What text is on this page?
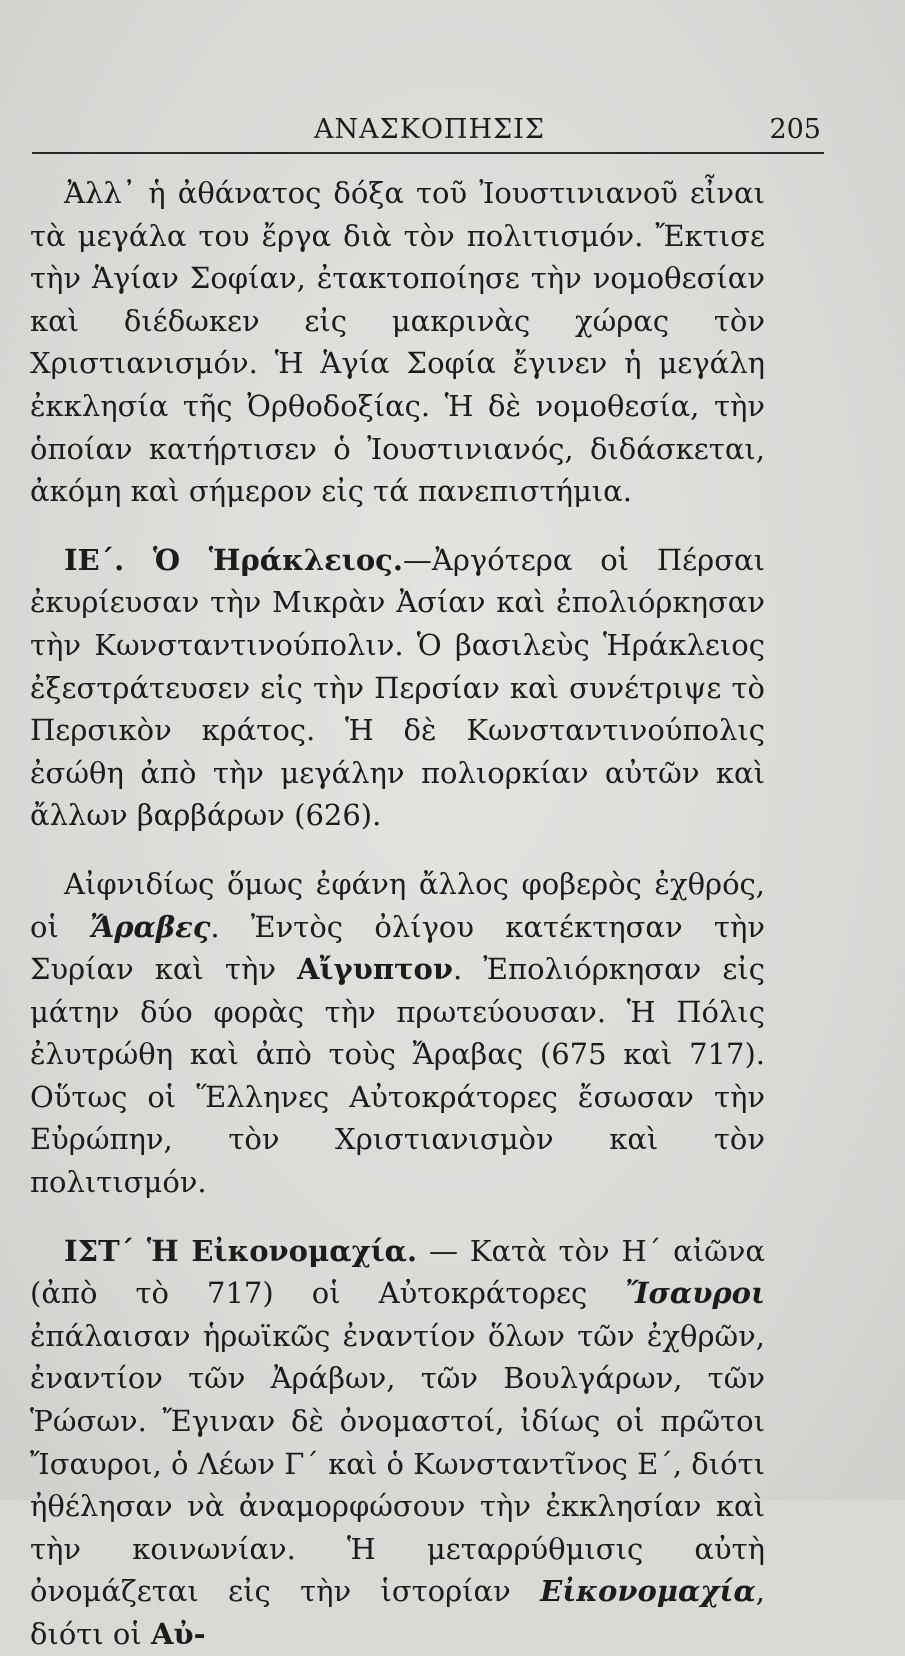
ΑΝΑΣΚΟΠΗΣΙΣ	205

Ἀλλ᾽ ἡ ἀθάνατος δόξα τοῦ Ἰουστινιανοῦ εἶναι τὰ μεγάλα του ἔργα διὰ τὸν πολιτισμόν. Ἔκτισε τὴν Ἁγίαν Σοφίαν, ἐτακτοποίησε τὴν νομοθεσίαν καὶ διέδωκεν εἰς μακρινὰς χώρας τὸν Χριστιανισμόν. Ἡ Ἁγία Σοφία ἔγινεν ἡ μεγάλη ἐκκλησία τῆς Ὀρθοδοξίας. Ἡ δὲ νομοθεσία, τὴν ὁποίαν κατήρτισεν ὁ Ἰουστινιανός, διδάσκεται, ἀκόμη καὶ σήμερον εἰς τά πανεπιστήμια.

ΙΕ΄. Ὁ Ἡράκλειος.—Ἀργότερα οἱ Πέρσαι ἐκυρίευσαν τὴν Μικρὰν Ἀσίαν καὶ ἐπολιόρκησαν τὴν Κωνσταντινούπολιν. Ὁ βασιλεὺς Ἡράκλειος ἐξεστράτευσεν εἰς τὴν Περσίαν καὶ συνέτριψε τὸ Περσικὸν κράτος. Ἡ δὲ Κωνσταντινούπολις ἐσώθη ἀπὸ τὴν μεγάλην πολιορκίαν αὐτῶν καὶ ἄλλων βαρβάρων (626).

Αἰφνιδίως ὅμως ἐφάνη ἄλλος φοβερὸς ἐχθρός, οἱ Ἄραβες. Ἐντὸς ὀλίγου κατέκτησαν τὴν Συρίαν καὶ τὴν Αἴγυπτον. Ἐπολιόρκησαν εἰς μάτην δύο φορὰς τὴν πρωτεύουσαν. Ἡ Πόλις ἐλυτρώθη καὶ ἀπὸ τοὺς Ἄραβας (675 καὶ 717). Οὕτως οἱ Ἕλληνες Αὐτοκράτορες ἔσωσαν τὴν Εὐρώπην, τὸν Χριστιανισμὸν καὶ τὸν πολιτισμόν.

ΙΣΤ΄ Ἡ Εἰκονομαχία. — Κατὰ τὸν Η΄ αἰῶνα (ἀπὸ τὸ 717) οἱ Αὐτοκράτορες Ἴσαυροι ἐπάλαισαν ἡρωϊκῶς ἐναντίον ὅλων τῶν ἐχθρῶν, ἐναντίον τῶν Ἀράβων, τῶν Βουλγάρων, τῶν Ῥώσων. Ἔγιναν δὲ ὀνομαστοί, ἰδίως οἱ πρῶτοι Ἴσαυροι, ὁ Λέων Γ΄ καὶ ὁ Κωνσταντῖνος Ε΄, διότι ἠθέλησαν νὰ ἀναμορφώσουν τὴν ἐκκλησίαν καὶ τὴν κοινωνίαν. Ἡ μεταρρύθμισις αὐτὴ ὀνομάζεται εἰς τὴν ἱστορίαν Εἰκονομαχία, διότι οἱ Αὐ-
